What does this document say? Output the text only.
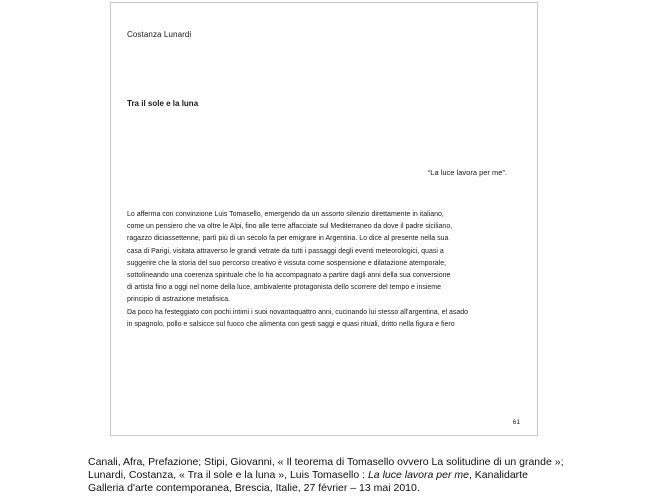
Costanza Lunardi
Tra il sole e la luna
“La luce lavora per me”.
Lo afferma con convinzione Luis Tomasello, emergendo da un assorto silenzio direttamente in italiano,
come un pensiero che va oltre le Alpi, fino alle terre affacciate sul Mediterraneo da dove il padre siciliano,
ragazzo diciassettenne, partì più di un secolo fa per emigrare in Argentina. Lo dice al presente nella sua
casa di Parigi, visitata attraverso le grandi vetrate da tutti i passaggi degli eventi meteorologici, quasi a
suggerire che la storia del suo percorso creativo è vissuta come sospensione e dilatazione atemporale,
sottolineando una coerenza spirituale che lo ha accompagnato a partire dagli anni della sua conversione
di artista fino a oggi nel nome della luce, ambivalente protagonista dello scorrere del tempo e insieme
principio di astrazione metafisica.
Da poco ha festeggiato con pochi intimi i suoi novantaquattro anni, cucinando lui stesso all'argentina, el asado
in spagnolo, pollo e salsicce sul fuoco che alimenta con gesti saggi e quasi rituali, dritto nella figura e fiero
61
Canali, Afra, Prefazione; Stipi, Giovanni, « Il teorema di Tomasello ovvero La solitudine di un grande »;
Lunardi, Costanza, « Tra il sole e la luna », Luis Tomasello : La luce lavora per me, Kanalidarte
Galleria d'arte contemporanea, Brescia, Italie, 27 février – 13 mai 2010.
